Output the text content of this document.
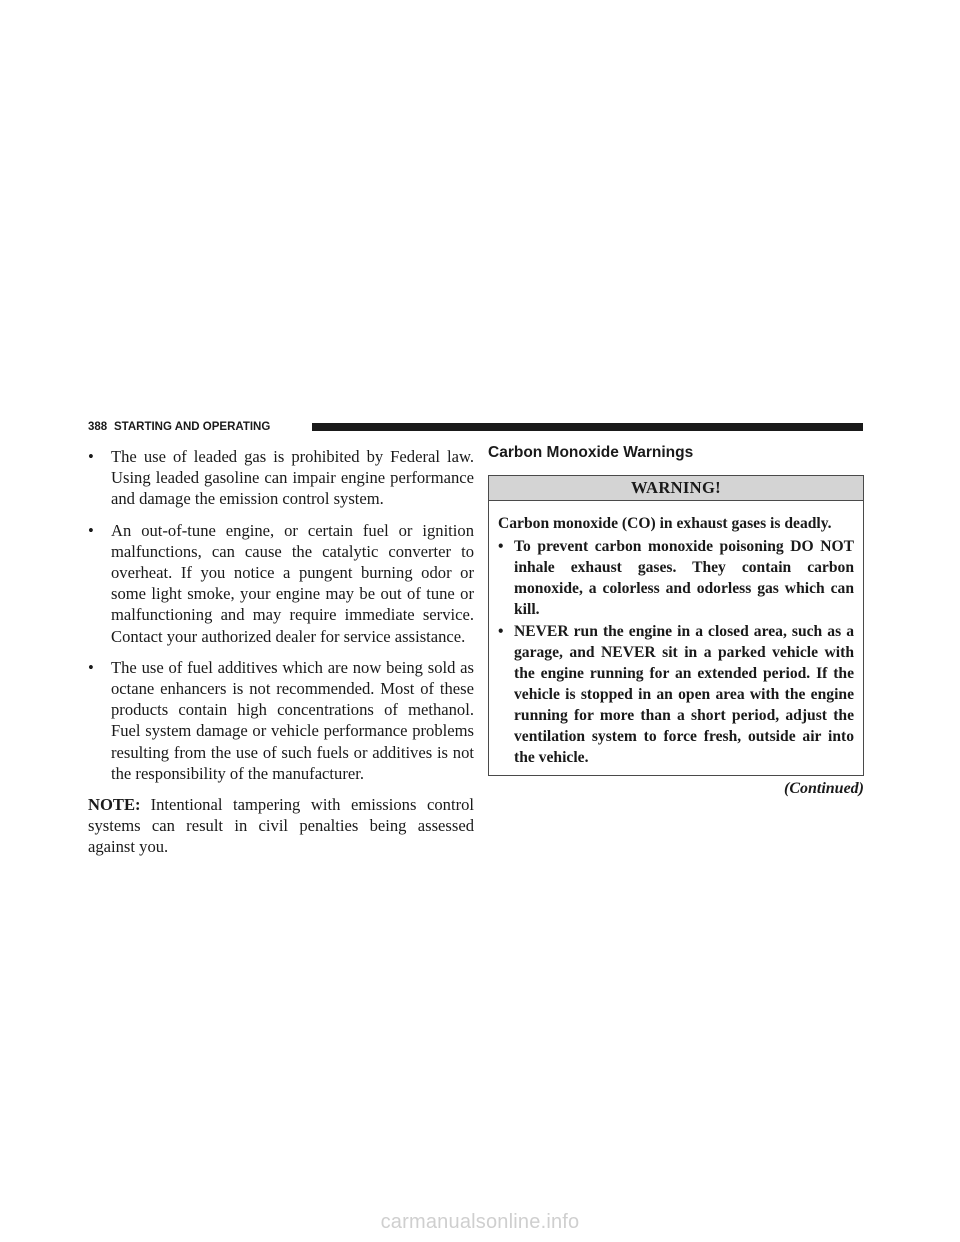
388 STARTING AND OPERATING
• The use of leaded gas is prohibited by Federal law. Using leaded gasoline can impair engine performance and damage the emission control system.
• An out-of-tune engine, or certain fuel or ignition malfunctions, can cause the catalytic converter to overheat. If you notice a pungent burning odor or some light smoke, your engine may be out of tune or malfunctioning and may require immediate service. Contact your authorized dealer for service assistance.
• The use of fuel additives which are now being sold as octane enhancers is not recommended. Most of these products contain high concentrations of methanol. Fuel system damage or vehicle performance problems resulting from the use of such fuels or additives is not the responsibility of the manufacturer.
NOTE: Intentional tampering with emissions control systems can result in civil penalties being assessed against you.
Carbon Monoxide Warnings
WARNING!
Carbon monoxide (CO) in exhaust gases is deadly.
• To prevent carbon monoxide poisoning DO NOT inhale exhaust gases. They contain carbon monoxide, a colorless and odorless gas which can kill.
• NEVER run the engine in a closed area, such as a garage, and NEVER sit in a parked vehicle with the engine running for an extended period. If the vehicle is stopped in an open area with the engine running for more than a short period, adjust the ventilation system to force fresh, outside air into the vehicle.
(Continued)
carmanualsonline.info
